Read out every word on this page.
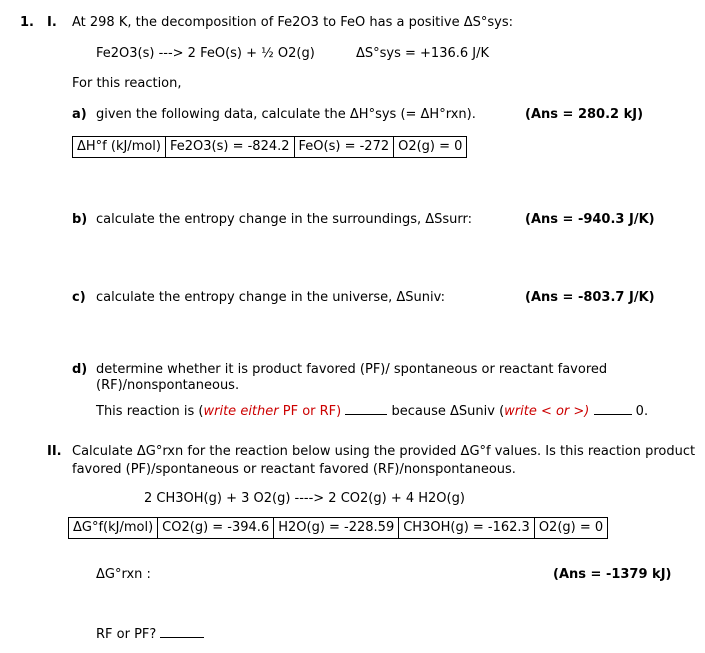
1. I. At 298 K, the decomposition of Fe2O3 to FeO has a positive ΔS°sys:
Fe2O3(s) ---> 2 FeO(s) + ½ O2(g)	ΔS°sys = +136.6 J/K
For this reaction,
a) given the following data, calculate the ΔH°sys (= ΔH°rxn).	(Ans = 280.2 kJ)
ΔH°f (kJ/mol) Fe2O3(s) = -824.2 FeO(s) = -272 O2(g) = 0
b) calculate the entropy change in the surroundings, ΔSsurr:	(Ans = -940.3 J/K)
c) calculate the entropy change in the universe, ΔSuniv:	(Ans = -803.7 J/K)
d) determine whether it is product favored (PF)/ spontaneous or reactant favored
(RF)/nonspontaneous.
This reaction is (write either PF or RF)	because ΔSuniv (write < or >)	0.
II. Calculate ΔG°rxn for the reaction below using the provided ΔG°f values. Is this reaction product
favored (PF)/spontaneous or reactant favored (RF)/nonspontaneous.
2 CH3OH(g) + 3 O2(g) ----> 2 CO2(g) + 4 H2O(g)
ΔG°f(kJ/mol) CO2(g) = -394.6 H2O(g) = -228.59 CH3OH(g) = -162.3 O2(g) = 0
ΔG°rxn :	(Ans = -1379 kJ)
RF or PF?
